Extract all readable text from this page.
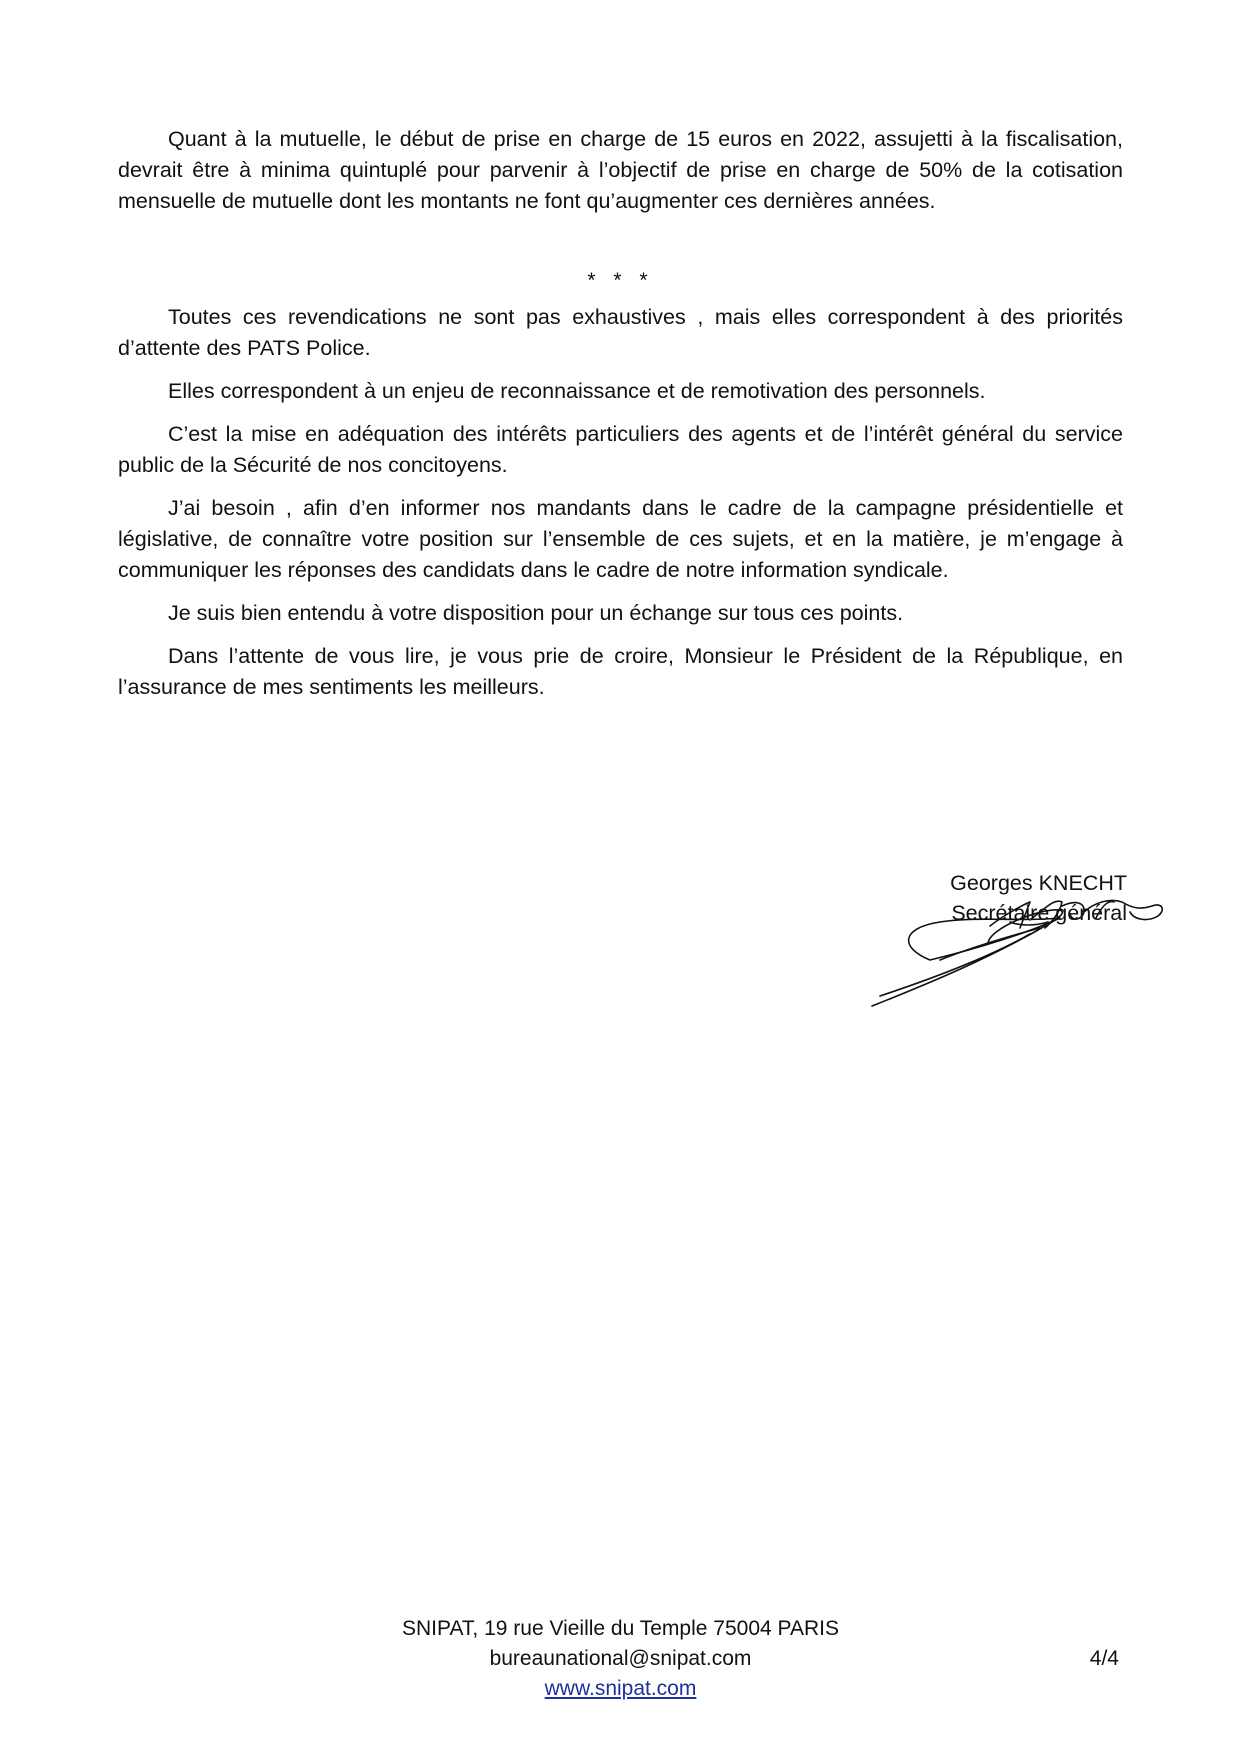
Quant à la mutuelle, le début de prise en charge de 15 euros en 2022, assujetti à la fiscalisation, devrait être à minima quintuplé pour parvenir à l’objectif de prise en charge de 50% de la cotisation mensuelle de mutuelle dont les montants ne font qu’augmenter ces dernières années.

* * *

Toutes ces revendications ne sont pas exhaustives , mais elles correspondent à des priorités d’attente des PATS Police.

Elles correspondent à un enjeu de reconnaissance et de remotivation des personnels.

C’est la mise en adéquation des intérêts particuliers des agents et de l’intérêt général du service public de la Sécurité de nos concitoyens.

J’ai besoin , afin d’en informer nos mandants dans le cadre de la campagne présidentielle et législative, de connaître votre position sur l’ensemble de ces sujets, et en la matière, je m’engage à communiquer les réponses des candidats dans le cadre de notre information syndicale.

Je suis bien entendu à votre disposition pour un échange sur tous ces points.

Dans l’attente de vous lire, je vous prie de croire, Monsieur le Président de la République, en l’assurance de mes sentiments les meilleurs.

Georges KNECHT
Secrétaire général
SNIPAT, 19 rue Vieille du Temple 75004 PARIS
bureaunational@snipat.com
www.snipat.com
4/4
